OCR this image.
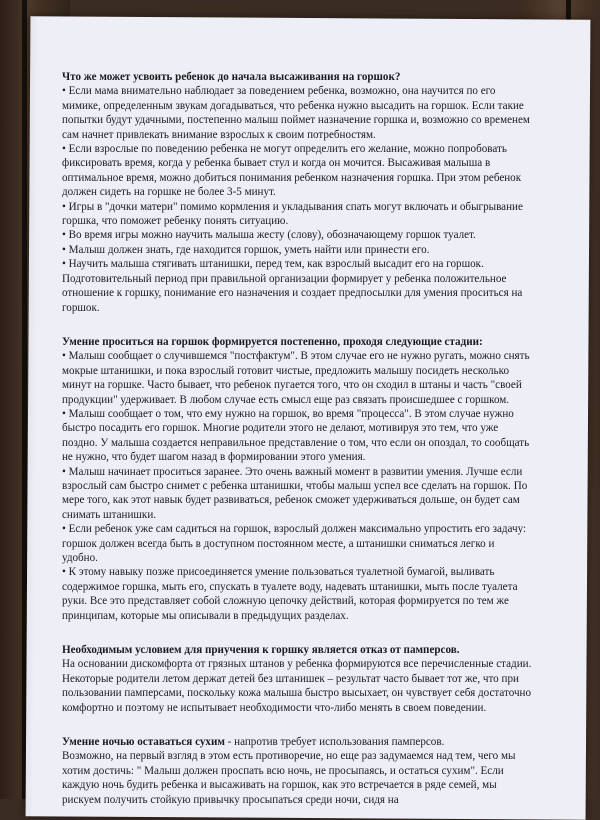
Что же может усвоить ребенок до начала высаживания на горшок?

• Если мама внимательно наблюдает за поведением ребенка, возможно, она научится по его мимике, определенным звукам догадываться, что ребенка нужно высадить на горшок. Если такие попытки будут удачными, постепенно малыш поймет назначение горшка и, возможно со временем сам начнет привлекать внимание взрослых к своим потребностям.

• Если взрослые по поведению ребенка не могут определить его желание, можно попробовать фиксировать время, когда у ребенка бывает стул и когда он мочится. Высаживая малыша в оптимальное время, можно добиться понимания ребенком назначения горшка. При этом ребенок должен сидеть на горшке не более 3-5 минут.

• Игры в "дочки матери" помимо кормления и укладывания спать могут включать и обыгрывание горшка, что поможет ребенку понять ситуацию.

• Во время игры можно научить малыша жесту (слову), обозначающему горшок туалет.

• Малыш должен знать, где находится горшок, уметь найти или принести его.

• Научить малыша стягивать штанишки, перед тем, как взрослый высадит его на горшок. Подготовительный период при правильной организации формирует у ребенка положительное отношение к горшку, понимание его назначения и создает предпосылки для умения проситься на горшок.

Умение проситься на горшок формируется постепенно, проходя следующие стадии:

• Малыш сообщает о случившемся "постфактум". В этом случае его не нужно ругать, можно снять мокрые штанишки, и пока взрослый готовит чистые, предложить малышу посидеть несколько минут на горшке. Часто бывает, что ребенок пугается того, что он сходил в штаны и часть "своей продукции" удерживает. В любом случае есть смысл еще раз связать происшедшее с горшком.

• Малыш сообщает о том, что ему нужно на горшок, во время "процесса". В этом случае нужно быстро посадить его горшок. Многие родители этого не делают, мотивируя это тем, что уже поздно. У малыша создается неправильное представление о том, что если он опоздал, то сообщать не нужно, что будет шагом назад в формировании этого умения.

• Малыш начинает проситься заранее. Это очень важный момент в развитии умения. Лучше если взрослый сам быстро снимет с ребенка штанишки, чтобы малыш успел все сделать на горшок. По мере того, как этот навык будет развиваться, ребенок сможет удерживаться дольше, он будет сам снимать штанишки.

• Если ребенок уже сам садиться на горшок, взрослый должен максимально упростить его задачу: горшок должен всегда быть в доступном постоянном месте, а штанишки сниматься легко и удобно.

• К этому навыку позже присоединяется умение пользоваться туалетной бумагой, выливать содержимое горшка, мыть его, спускать в туалете воду, надевать штанишки, мыть после туалета руки. Все это представляет собой сложную цепочку действий, которая формируется по тем же принципам, которые мы описывали в предыдущих разделах.

Необходимым условием для приучения к горшку является отказ от памперсов.

На основании дискомфорта от грязных штанов у ребенка формируются все перечисленные стадии. Некоторые родители летом держат детей без штанишек – результат часто бывает тот же, что при пользовании памперсами, поскольку кожа малыша быстро высыхает, он чувствует себя достаточно комфортно и поэтому не испытывает необходимости что-либо менять в своем поведении.

Умение ночью оставаться сухим - напротив требует использования памперсов.

Возможно, на первый взгляд в этом есть противоречие, но еще раз задумаемся над тем, чего мы хотим достичь: " Малыш должен проспать всю ночь, не просыпаясь, и остаться сухим". Если каждую ночь будить ребенка и высаживать на горшок, как это встречается в ряде семей, мы рискуем получить стойкую привычку просыпаться среди ночи, сидя на
